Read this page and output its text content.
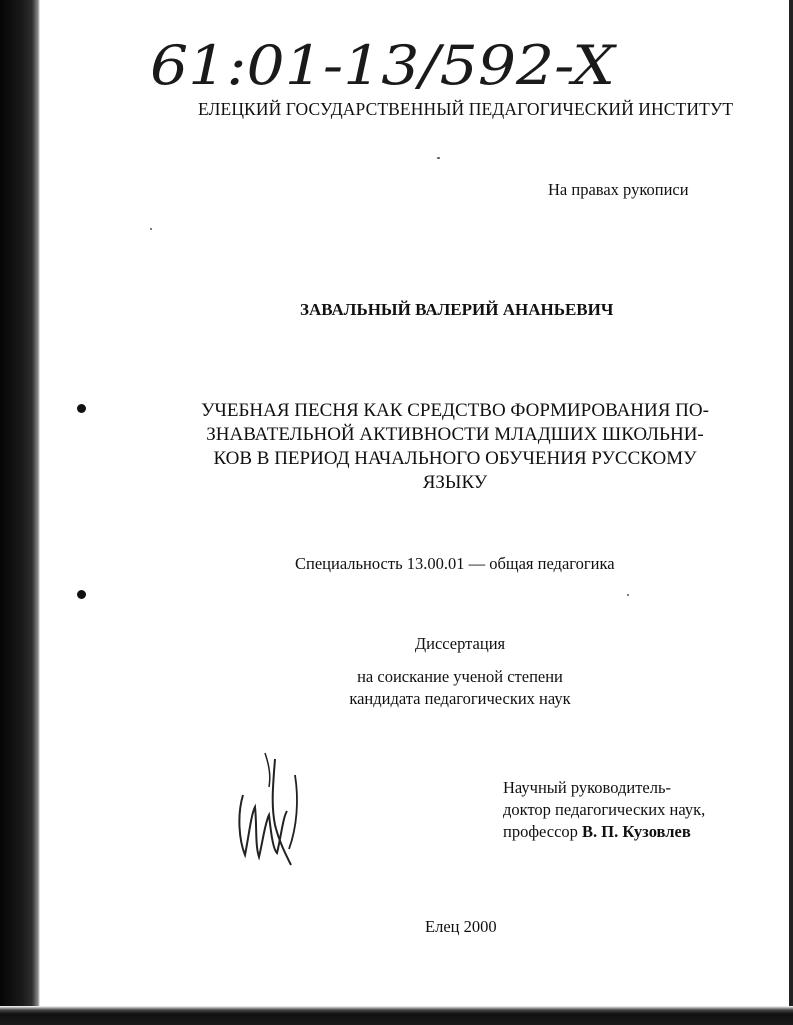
61:01-13/592-X

ЕЛЕЦКИЙ ГОСУДАРСТВЕННЫЙ ПЕДАГОГИЧЕСКИЙ ИНСТИТУТ

На правах рукописи

ЗАВАЛЬНЫЙ ВАЛЕРИЙ АНАНЬЕВИЧ

УЧЕБНАЯ ПЕСНЯ КАК СРЕДСТВО ФОРМИРОВАНИЯ ПО-
ЗНАВАТЕЛЬНОЙ АКТИВНОСТИ МЛАДШИХ ШКОЛЬНИ-
КОВ В ПЕРИОД НАЧАЛЬНОГО ОБУЧЕНИЯ РУССКОМУ
ЯЗЫКУ

Специальность 13.00.01 — общая педагогика

Диссертация
на соискание ученой степени
кандидата педагогических наук
Научный руководитель-
доктор педагогических наук,
профессор В. П. Кузовлев

Елец 2000
